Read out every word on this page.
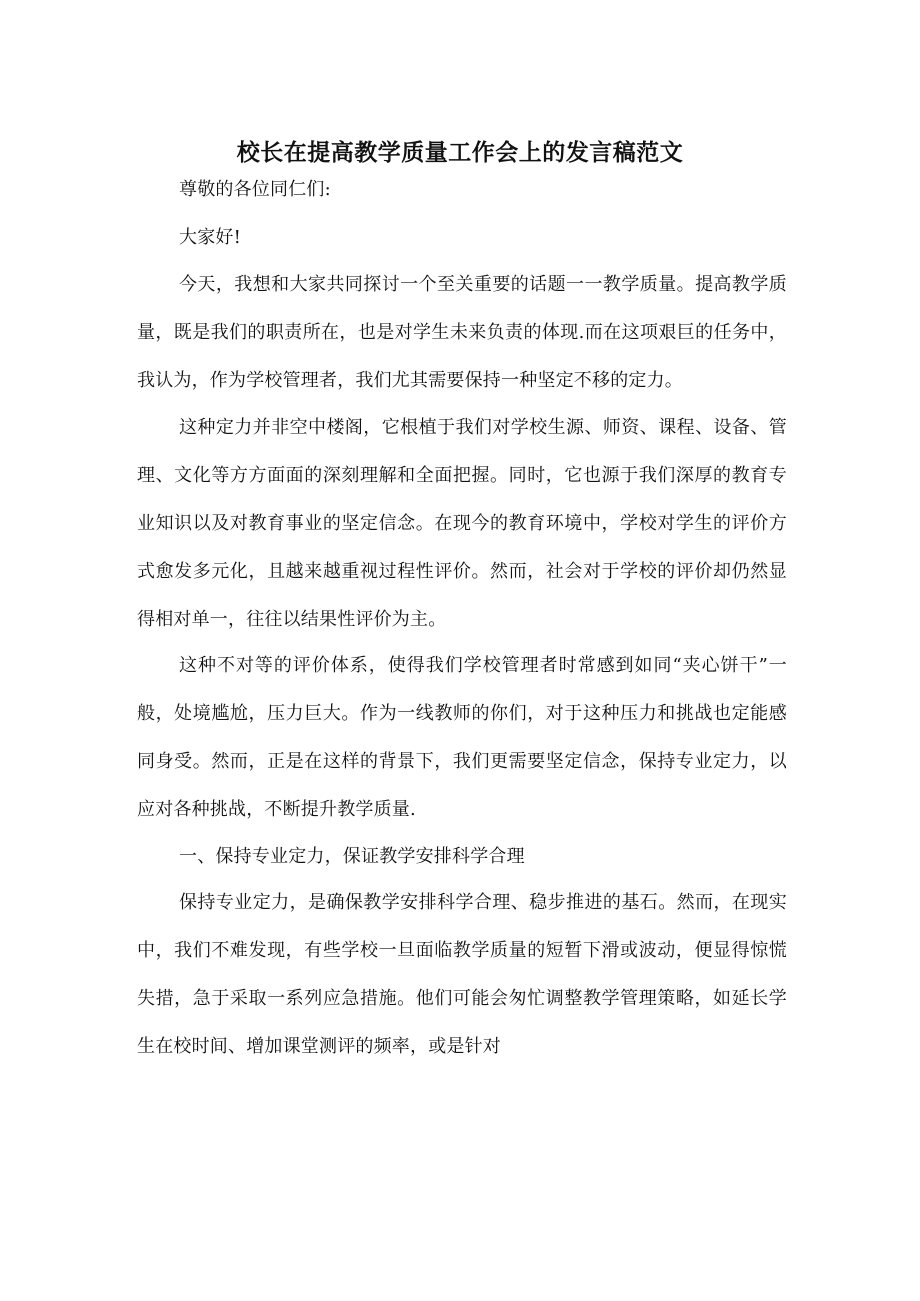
校长在提高教学质量工作会上的发言稿范文

尊敬的各位同仁们:

大家好!

今天，我想和大家共同探讨一个至关重要的话题一一教学质量。提高教学质量，既是我们的职责所在，也是对学生未来负责的体现.而在这项艰巨的任务中，我认为，作为学校管理者，我们尤其需要保持一种坚定不移的定力。

这种定力并非空中楼阁，它根植于我们对学校生源、师资、课程、设备、管理、文化等方方面面的深刻理解和全面把握。同时，它也源于我们深厚的教育专业知识以及对教育事业的坚定信念。在现今的教育环境中，学校对学生的评价方式愈发多元化，且越来越重视过程性评价。然而，社会对于学校的评价却仍然显得相对单一，往往以结果性评价为主。

这种不对等的评价体系，使得我们学校管理者时常感到如同“夹心饼干”一般，处境尴尬，压力巨大。作为一线教师的你们，对于这种压力和挑战也定能感同身受。然而，正是在这样的背景下，我们更需要坚定信念，保持专业定力，以应对各种挑战，不断提升教学质量.

一、保持专业定力，保证教学安排科学合理

保持专业定力，是确保教学安排科学合理、稳步推进的基石。然而，在现实中，我们不难发现，有些学校一旦面临教学质量的短暂下滑或波动，便显得惊慌失措，急于采取一系列应急措施。他们可能会匆忙调整教学管理策略，如延长学生在校时间、增加课堂测评的频率，或是针对
